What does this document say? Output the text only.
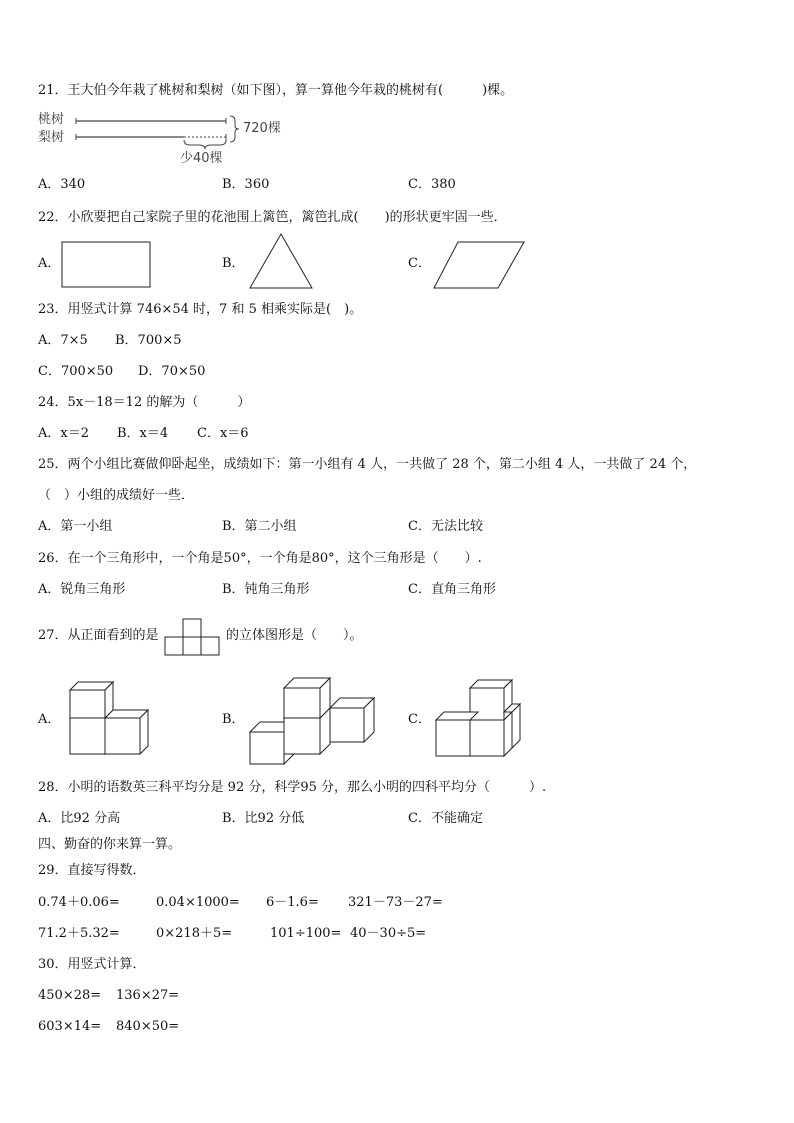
21．王大伯今年栽了桃树和梨树（如下图），算一算他今年栽的桃树有(　　　)棵。
桃树
梨树
720棵
少40棵
A．340	B．360	C．380
22．小欣要把自己家院子里的花池围上篱笆，篱笆扎成(　　)的形状更牢固一些．
A．	B．	C．
23．用竖式计算 746×54 时，7 和 5 相乘实际是(　)。
A．7×5 B．700×5
C．700×50 D．70×50
24．5x－18＝12 的解为（　　　）
A．x＝2 B．x＝4 C．x＝6
25．两个小组比赛做仰卧起坐，成绩如下：第一小组有 4 人，一共做了 28 个，第二小组 4 人，一共做了 24 个，
（　）小组的成绩好一些．
A．第一小组	B．第二小组	C．无法比较
26．在一个三角形中，一个角是50°，一个角是80°，这个三角形是（　　）.
A．锐角三角形	B．钝角三角形	C．直角三角形
27．从正面看到的是	的立体图形是（　　）。
A．	B．	C．
28．小明的语数英三科平均分是 92 分，科学95 分，那么小明的四科平均分（　　　）.
A．比92 分高	B．比92 分低	C．不能确定
四、勤奋的你来算一算。
29．直接写得数．
0.74＋0.06=	0.04×1000= 6－1.6= 321－73－27=
71.2＋5.32=	0×218＋5=	101÷100= 40－30÷5=
30．用竖式计算．
450×28= 136×27=
603×14= 840×50=
